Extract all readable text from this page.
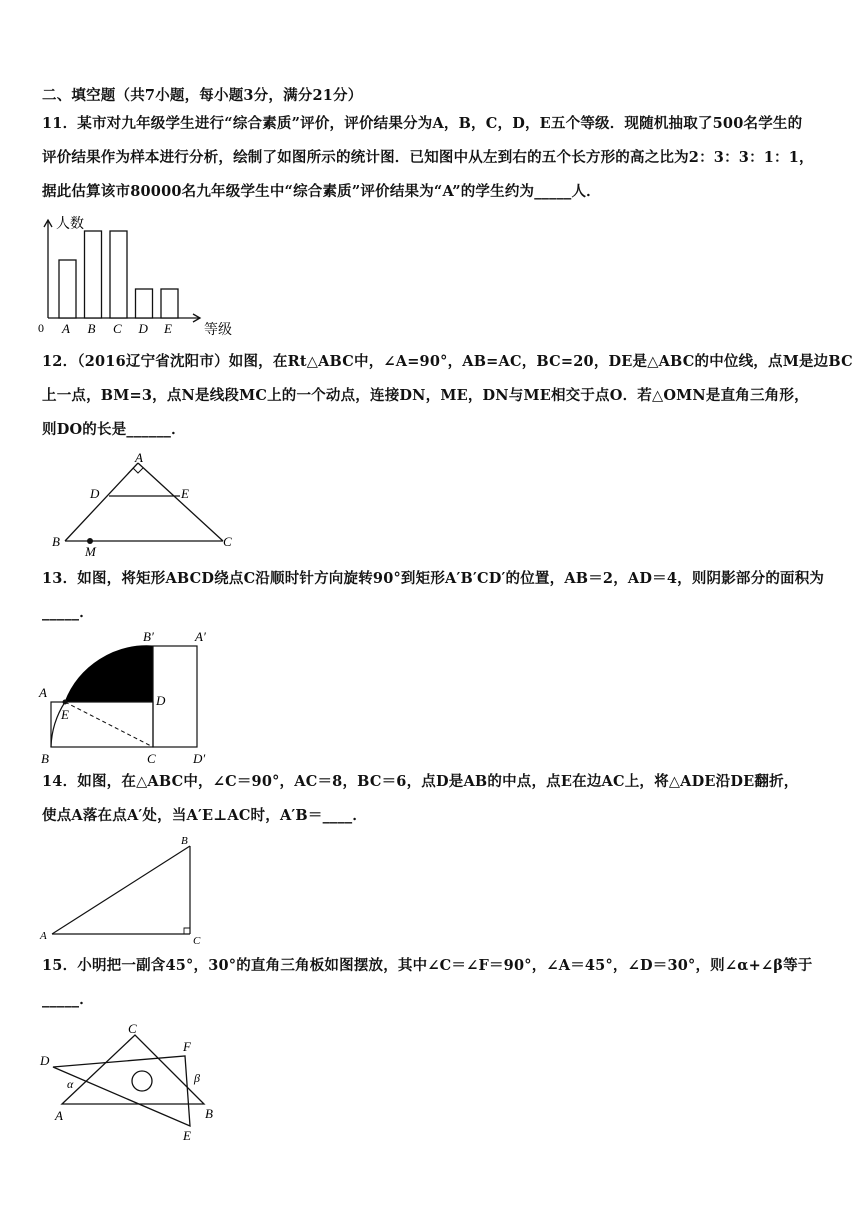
二、填空题（共7小题，每小题3分，满分21分）
11．某市对九年级学生进行“综合素质”评价，评价结果分为A，B，C，D，E五个等级．现随机抽取了500名学生的
评价结果作为样本进行分析，绘制了如图所示的统计图．已知图中从左到右的五个长方形的高之比为2：3：3：1：1，
据此估算该市80000名九年级学生中“综合素质”评价结果为“A”的学生约为_____人．
人数
等级
0 A B C D E
12．（2016辽宁省沈阳市）如图，在Rt△ABC中，∠A=90°，AB=AC，BC=20，DE是△ABC的中位线，点M是边BC
上一点，BM=3，点N是线段MC上的一个动点，连接DN，ME，DN与ME相交于点O．若△OMN是直角三角形，
则DO的长是______．
A
D	E
B	C
M
13．如图，将矩形ABCD绕点C沿顺时针方向旋转90°到矩形A′B′CD′的位置，AB＝2，AD＝4，则阴影部分的面积为
_____．
B′	A′
A
D
E
B	C	D′
14．如图，在△ABC中，∠C＝90°，AC＝8，BC＝6，点D是AB的中点，点E在边AC上，将△ADE沿DE翻折，
使点A落在点A′处，当A′E⊥AC时，A′B＝____．
B
A	C
15．小明把一副含45°，30°的直角三角板如图摆放，其中∠C＝∠F＝90°，∠A＝45°，∠D＝30°，则∠α+∠β等于
_____．
C
F
D
α	β
A	B
E
